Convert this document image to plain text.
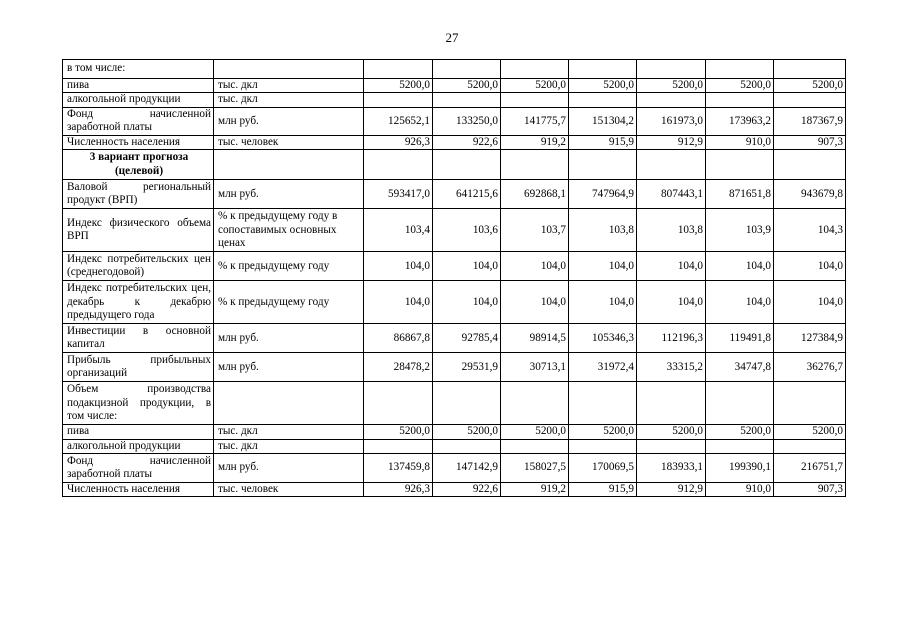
27
в том числе:								
пива	тыс. дкл	5200,0	5200,0	5200,0	5200,0	5200,0	5200,0	5200,0
алкогольной продукции	тыс. дкл							
Фонд начисленной заработной платы	млн руб.	125652,1	133250,0	141775,7	151304,2	161973,0	173963,2	187367,9
Численность населения	тыс. человек	926,3	922,6	919,2	915,9	912,9	910,0	907,3
3 вариант прогноза (целевой)								
Валовой региональный продукт (ВРП)	млн руб.	593417,0	641215,6	692868,1	747964,9	807443,1	871651,8	943679,8
Индекс физического объема ВРП	% к предыдущему году в сопоставимых основных ценах	103,4	103,6	103,7	103,8	103,8	103,9	104,3
Индекс потребительских цен (среднегодовой)	% к предыдущему году	104,0	104,0	104,0	104,0	104,0	104,0	104,0
Индекс потребительских цен, декабрь к декабрю предыдущего года	% к предыдущему году	104,0	104,0	104,0	104,0	104,0	104,0	104,0
Инвестиции в основной капитал	млн руб.	86867,8	92785,4	98914,5	105346,3	112196,3	119491,8	127384,9
Прибыль прибыльных организаций	млн руб.	28478,2	29531,9	30713,1	31972,4	33315,2	34747,8	36276,7
Объем производства подакцизной продукции, в том числе:								
пива	тыс. дкл	5200,0	5200,0	5200,0	5200,0	5200,0	5200,0	5200,0
алкогольной продукции	тыс. дкл							
Фонд начисленной заработной платы	млн руб.	137459,8	147142,9	158027,5	170069,5	183933,1	199390,1	216751,7
Численность населения	тыс. человек	926,3	922,6	919,2	915,9	912,9	910,0	907,3
